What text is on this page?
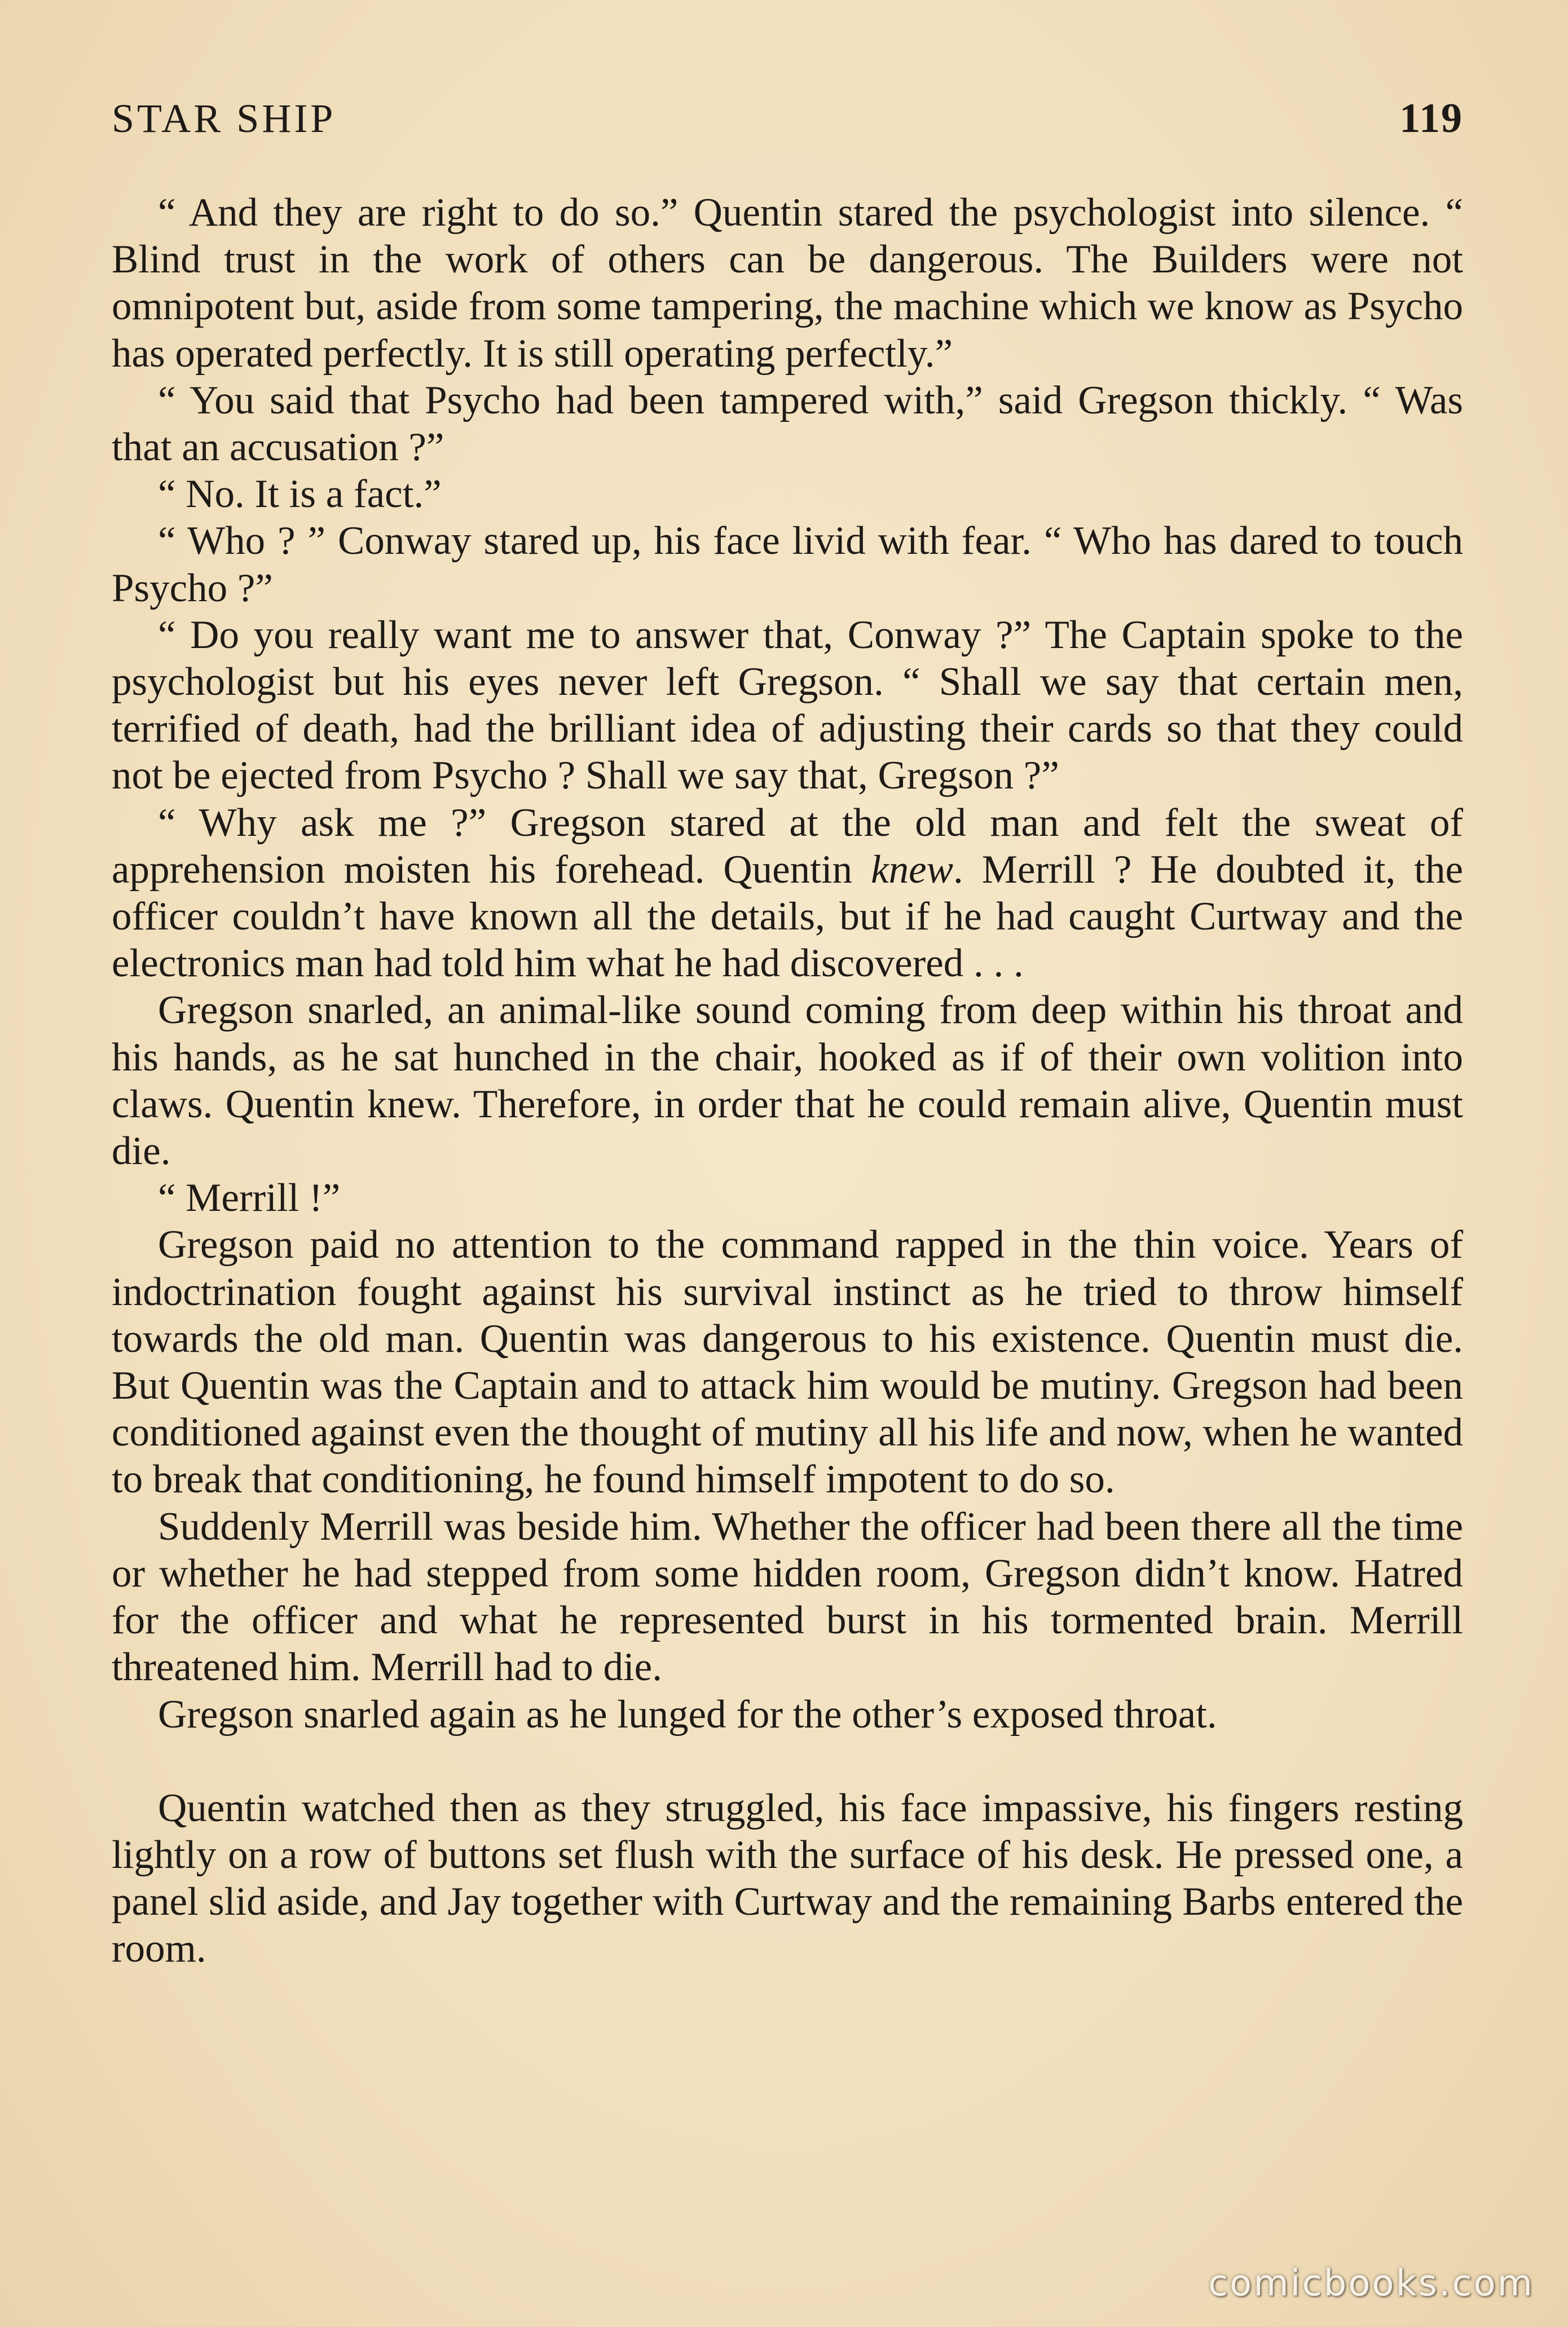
STAR SHIP	119

“ And they are right to do so.” Quentin stared the psychologist into silence. “ Blind trust in the work of others can be dangerous. The Builders were not omnipotent but, aside from some tampering, the machine which we know as Psycho has operated perfectly. It is still operating perfectly.”

“ You said that Psycho had been tampered with,” said Gregson thickly. “ Was that an accusation ?”

“ No. It is a fact.”

“ Who ? ” Conway stared up, his face livid with fear. “ Who has dared to touch Psycho ?”

“ Do you really want me to answer that, Conway ?” The Captain spoke to the psychologist but his eyes never left Gregson. “ Shall we say that certain men, terrified of death, had the brilliant idea of adjusting their cards so that they could not be ejected from Psycho ? Shall we say that, Gregson ?”

“ Why ask me ?” Gregson stared at the old man and felt the sweat of apprehension moisten his forehead. Quentin knew. Merrill ? He doubted it, the officer couldn’t have known all the details, but if he had caught Curtway and the electronics man had told him what he had discovered . . .

Gregson snarled, an animal-like sound coming from deep within his throat and his hands, as he sat hunched in the chair, hooked as if of their own volition into claws. Quentin knew. Therefore, in order that he could remain alive, Quentin must die.

“ Merrill !”

Gregson paid no attention to the command rapped in the thin voice. Years of indoctrination fought against his survival instinct as he tried to throw himself towards the old man. Quentin was dangerous to his existence. Quentin must die. But Quentin was the Captain and to attack him would be mutiny. Gregson had been conditioned against even the thought of mutiny all his life and now, when he wanted to break that conditioning, he found himself impotent to do so.

Suddenly Merrill was beside him. Whether the officer had been there all the time or whether he had stepped from some hidden room, Gregson didn’t know. Hatred for the officer and what he represented burst in his tormented brain. Merrill threatened him. Merrill had to die.

Gregson snarled again as he lunged for the other’s exposed throat.

Quentin watched then as they struggled, his face impassive, his fingers resting lightly on a row of buttons set flush with the surface of his desk. He pressed one, a panel slid aside, and Jay together with Curtway and the remaining Barbs entered the room.

comicbooks.com
